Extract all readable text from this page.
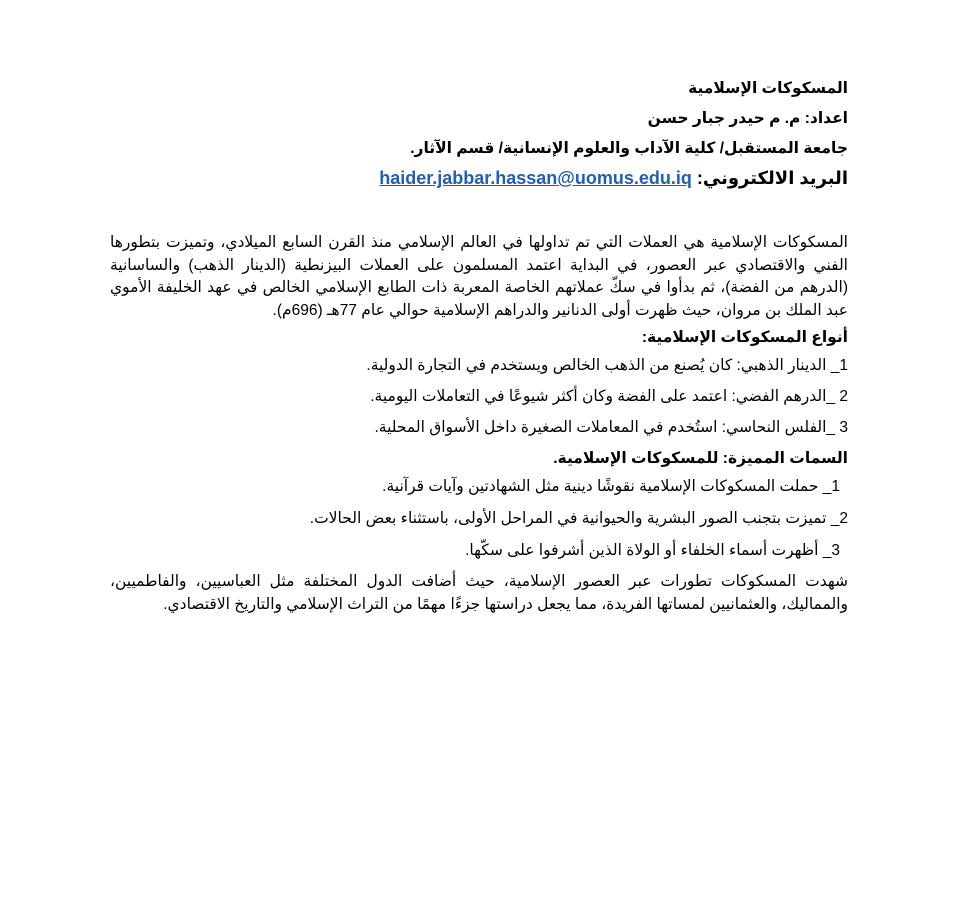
المسكوكات الإسلامية

اعداد: م. م حيدر جبار حسن

جامعة المستقبل/ كلية الآداب والعلوم الإنسانية/ قسم الآثار.

البريد الالكتروني: haider.jabbar.hassan@uomus.edu.iq

المسكوكات الإسلامية هي العملات التي تم تداولها في العالم الإسلامي منذ القرن السابع الميلادي، وتميزت بتطورها الفني والاقتصادي عبر العصور، في البداية اعتمد المسلمون على العملات البيزنطية (الدينار الذهب) والساسانية (الدرهم من الفضة)، ثم بدأوا في سكّ عملاتهم الخاصة المعربة ذات الطابع الإسلامي الخالص في عهد الخليفة الأموي عبد الملك بن مروان، حيث ظهرت أولى الدنانير والدراهم الإسلامية حوالي عام 77هـ (696م).
أنواع المسكوكات الإسلامية:
1_ الدينار الذهبي: كان يُصنع من الذهب الخالص ويستخدم في التجارة الدولية.
2 _الدرهم الفضي: اعتمد على الفضة وكان أكثر شيوعًا في التعاملات اليومية.
3 _الفلس النحاسي: استُخدم في المعاملات الصغيرة داخل الأسواق المحلية.
السمات المميزة: للمسكوكات الإسلامية.
1_ حملت المسكوكات الإسلامية نقوشًا دينية مثل الشهادتين وآيات قرآنية.
2_ تميزت بتجنب الصور البشرية والحيوانية في المراحل الأولى، باستثناء بعض الحالات.
3_ أظهرت أسماء الخلفاء أو الولاة الذين أشرفوا على سكّها.
شهدت المسكوكات تطورات عبر العصور الإسلامية، حيث أضافت الدول المختلفة مثل العباسيين، والفاطميين، والمماليك، والعثمانيين لمساتها الفريدة، مما يجعل دراستها جزءًا مهمًا من التراث الإسلامي والتاريخ الاقتصادي.
